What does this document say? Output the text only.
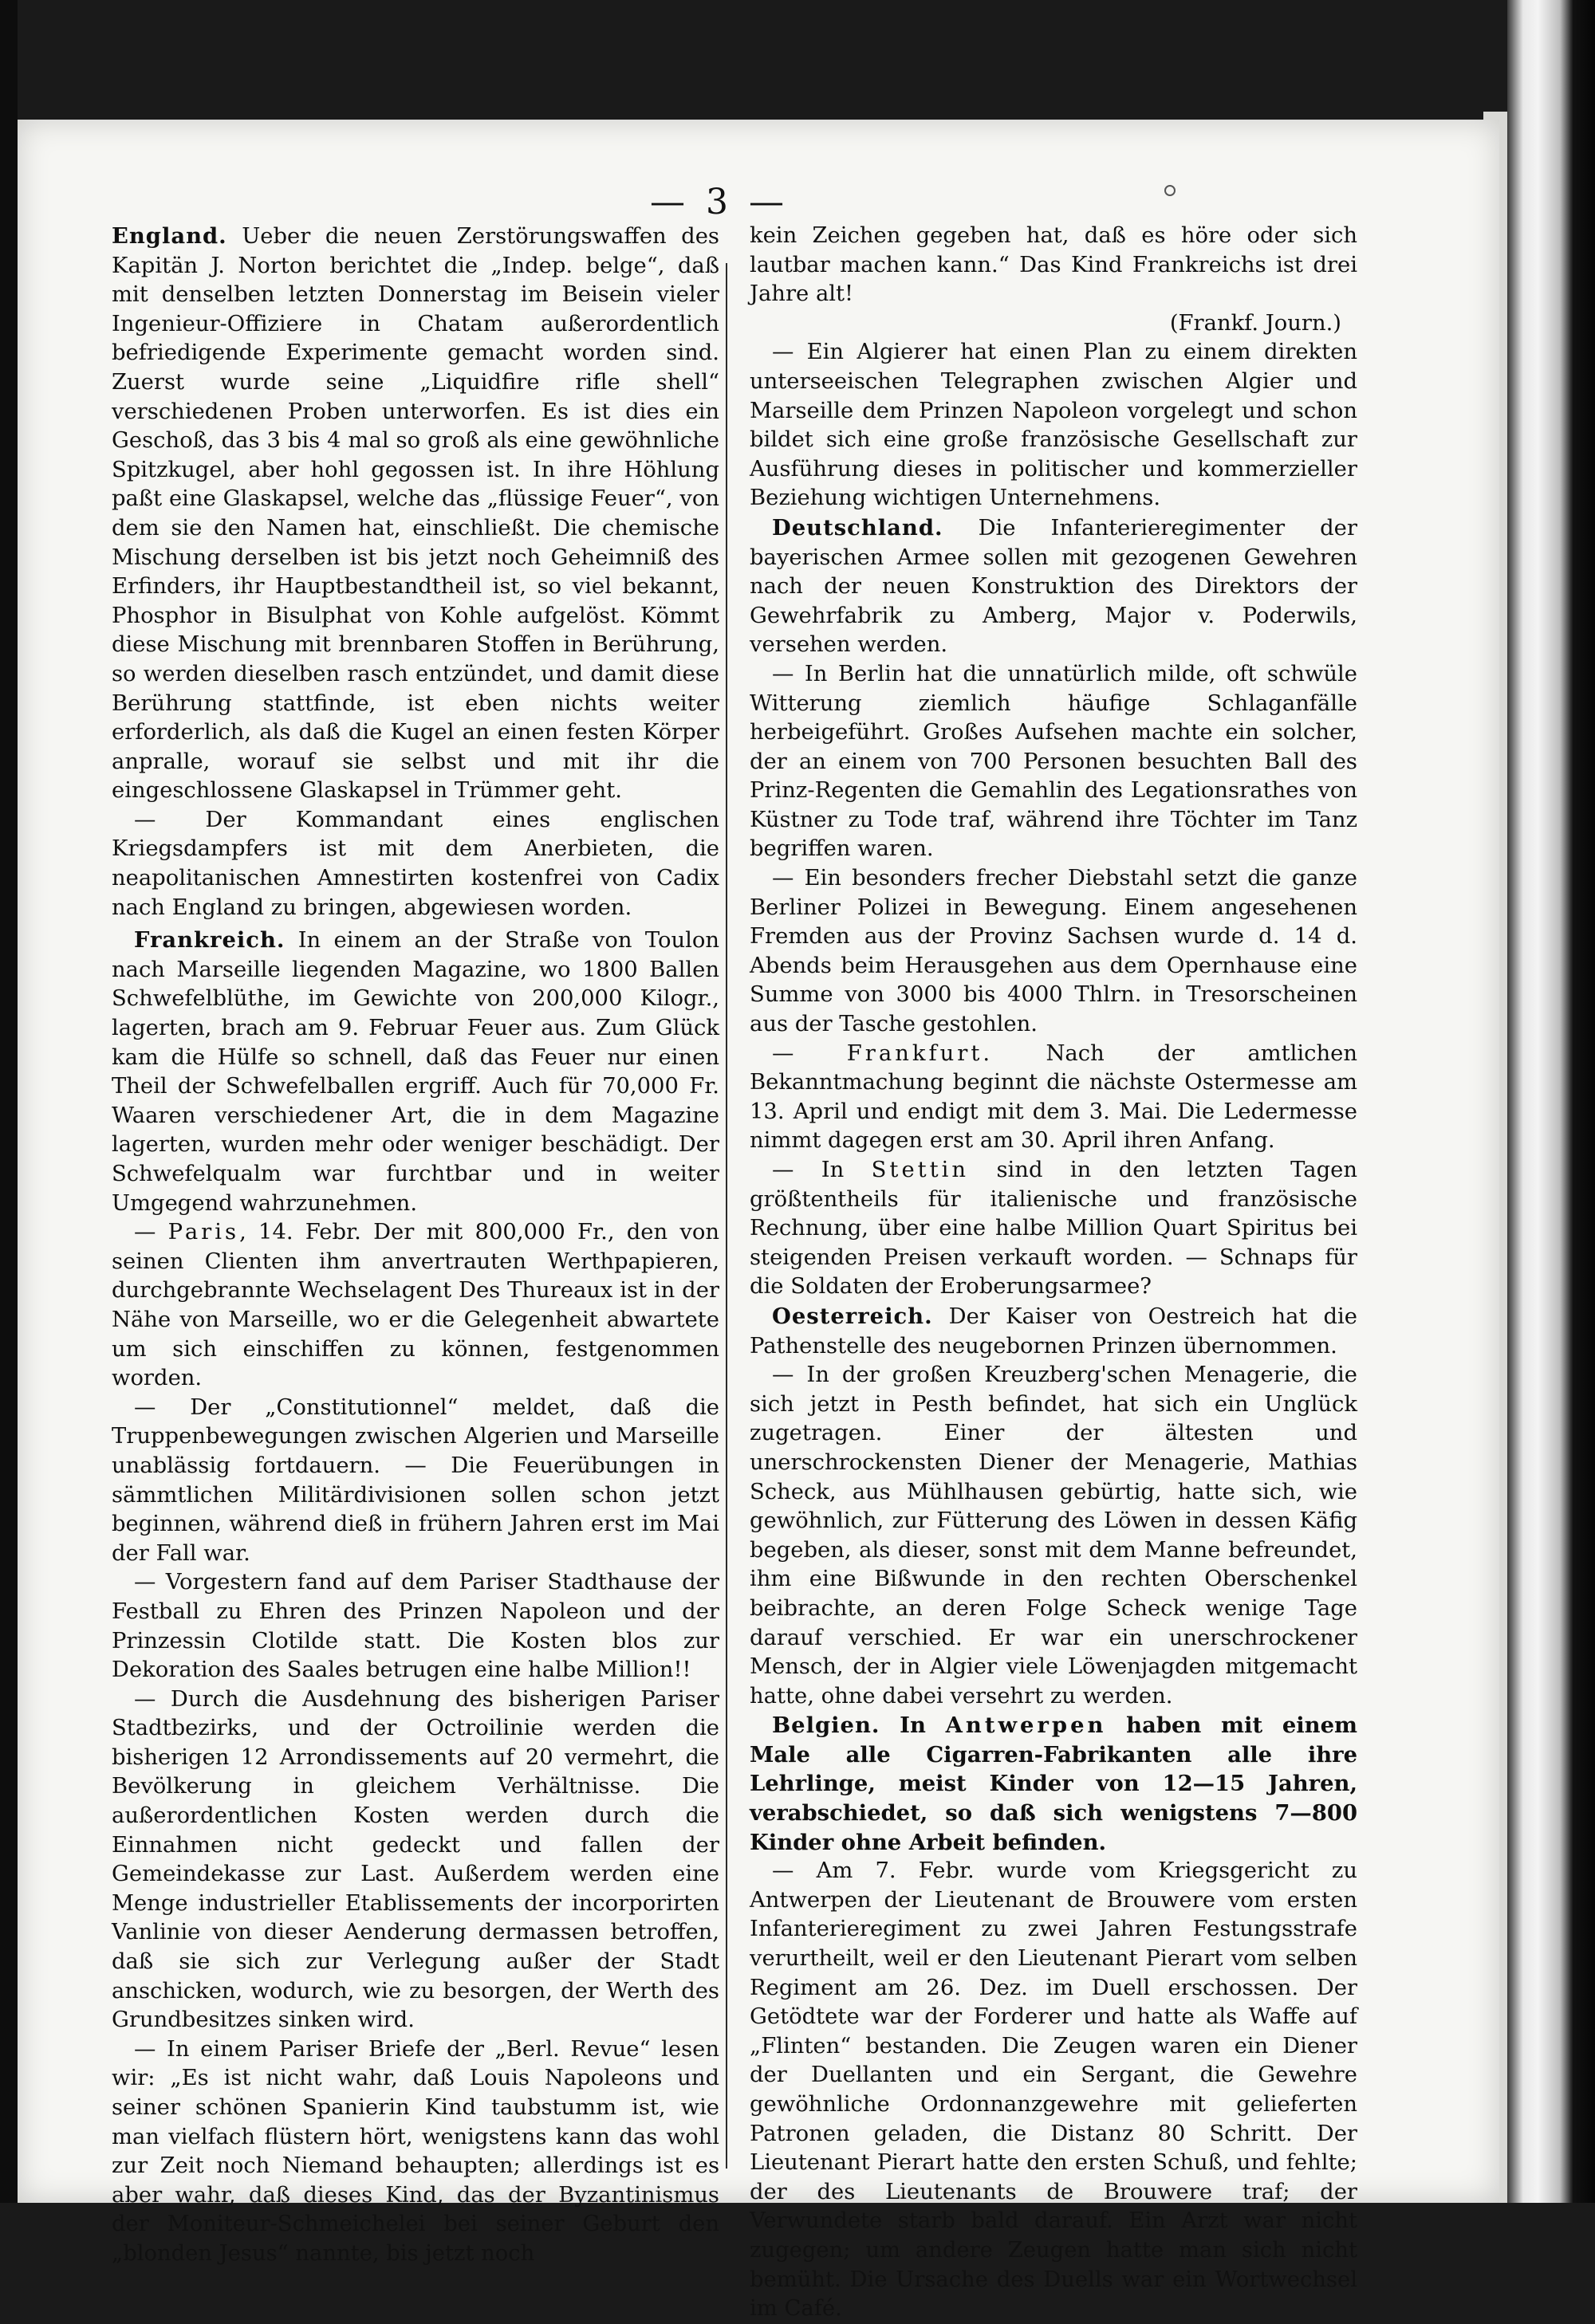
— 3 —

England. Ueber die neuen Zerstörungswaffen des Kapitän J. Norton berichtet die „Indep. belge“, daß mit denselben letzten Donnerstag im Beisein vieler Ingenieur-Offiziere in Chatam außerordentlich befriedigende Experimente gemacht worden sind. Zuerst wurde seine „Liquidfire rifle shell“ verschiedenen Proben unterworfen. Es ist dies ein Geschoß, das 3 bis 4 mal so groß als eine gewöhnliche Spitzkugel, aber hohl gegossen ist. In ihre Höhlung paßt eine Glaskapsel, welche das „flüssige Feuer“, von dem sie den Namen hat, einschließt. Die chemische Mischung derselben ist bis jetzt noch Geheimniß des Erfinders, ihr Hauptbestandtheil ist, so viel bekannt, Phosphor in Bisulphat von Kohle aufgelöst. Kömmt diese Mischung mit brennbaren Stoffen in Berührung, so werden dieselben rasch entzündet, und damit diese Berührung stattfinde, ist eben nichts weiter erforderlich, als daß die Kugel an einen festen Körper anpralle, worauf sie selbst und mit ihr die eingeschlossene Glaskapsel in Trümmer geht.

— Der Kommandant eines englischen Kriegsdampfers ist mit dem Anerbieten, die neapolitanischen Amnestirten kostenfrei von Cadix nach England zu bringen, abgewiesen worden.

Frankreich. In einem an der Straße von Toulon nach Marseille liegenden Magazine, wo 1800 Ballen Schwefelblüthe, im Gewichte von 200,000 Kilogr., lagerten, brach am 9. Februar Feuer aus. Zum Glück kam die Hülfe so schnell, daß das Feuer nur einen Theil der Schwefelballen ergriff. Auch für 70,000 Fr. Waaren verschiedener Art, die in dem Magazine lagerten, wurden mehr oder weniger beschädigt. Der Schwefelqualm war furchtbar und in weiter Umgegend wahrzunehmen.

— Paris, 14. Febr. Der mit 800,000 Fr., den von seinen Clienten ihm anvertrauten Werthpapieren, durchgebrannte Wechselagent Des Thureaux ist in der Nähe von Marseille, wo er die Gelegenheit abwartete um sich einschiffen zu können, festgenommen worden.

— Der „Constitutionnel“ meldet, daß die Truppenbewegungen zwischen Algerien und Marseille unablässig fortdauern. — Die Feuerübungen in sämmtlichen Militärdivisionen sollen schon jetzt beginnen, während dieß in frühern Jahren erst im Mai der Fall war.

— Vorgestern fand auf dem Pariser Stadthause der Festball zu Ehren des Prinzen Napoleon und der Prinzessin Clotilde statt. Die Kosten blos zur Dekoration des Saales betrugen eine halbe Million!!

— Durch die Ausdehnung des bisherigen Pariser Stadtbezirks, und der Octroilinie werden die bisherigen 12 Arrondissements auf 20 vermehrt, die Bevölkerung in gleichem Verhältnisse. Die außerordentlichen Kosten werden durch die Einnahmen nicht gedeckt und fallen der Gemeindekasse zur Last. Außerdem werden eine Menge industrieller Etablissements der incorporirten Vanlinie von dieser Aenderung dermassen betroffen, daß sie sich zur Verlegung außer der Stadt anschicken, wodurch, wie zu besorgen, der Werth des Grundbesitzes sinken wird.

— In einem Pariser Briefe der „Berl. Revue“ lesen wir: „Es ist nicht wahr, daß Louis Napoleons und seiner schönen Spanierin Kind taubstumm ist, wie man vielfach flüstern hört, wenigstens kann das wohl zur Zeit noch Niemand behaupten; allerdings ist es aber wahr, daß dieses Kind, das der Byzantinismus der Moniteur-Schmeichelei bei seiner Geburt den „blonden Jesus“ nannte, bis jetzt noch

kein Zeichen gegeben hat, daß es höre oder sich lautbar machen kann.“ Das Kind Frankreichs ist drei Jahre alt!

(Frankf. Journ.)

— Ein Algierer hat einen Plan zu einem direkten unterseeischen Telegraphen zwischen Algier und Marseille dem Prinzen Napoleon vorgelegt und schon bildet sich eine große französische Gesellschaft zur Ausführung dieses in politischer und kommerzieller Beziehung wichtigen Unternehmens.

Deutschland. Die Infanterieregimenter der bayerischen Armee sollen mit gezogenen Gewehren nach der neuen Konstruktion des Direktors der Gewehrfabrik zu Amberg, Major v. Poderwils, versehen werden.

— In Berlin hat die unnatürlich milde, oft schwüle Witterung ziemlich häufige Schlaganfälle herbeigeführt. Großes Aufsehen machte ein solcher, der an einem von 700 Personen besuchten Ball des Prinz-Regenten die Gemahlin des Legationsrathes von Küstner zu Tode traf, während ihre Töchter im Tanz begriffen waren.

— Ein besonders frecher Diebstahl setzt die ganze Berliner Polizei in Bewegung. Einem angesehenen Fremden aus der Provinz Sachsen wurde d. 14 d. Abends beim Herausgehen aus dem Opernhause eine Summe von 3000 bis 4000 Thlrn. in Tresorscheinen aus der Tasche gestohlen.

— Frankfurt. Nach der amtlichen Bekanntmachung beginnt die nächste Ostermesse am 13. April und endigt mit dem 3. Mai. Die Ledermesse nimmt dagegen erst am 30. April ihren Anfang.

— In Stettin sind in den letzten Tagen größtentheils für italienische und französische Rechnung, über eine halbe Million Quart Spiritus bei steigenden Preisen verkauft worden. — Schnaps für die Soldaten der Eroberungsarmee?

Oesterreich. Der Kaiser von Oestreich hat die Pathenstelle des neugebornen Prinzen übernommen.

— In der großen Kreuzberg'schen Menagerie, die sich jetzt in Pesth befindet, hat sich ein Unglück zugetragen. Einer der ältesten und unerschrockensten Diener der Menagerie, Mathias Scheck, aus Mühlhausen gebürtig, hatte sich, wie gewöhnlich, zur Fütterung des Löwen in dessen Käfig begeben, als dieser, sonst mit dem Manne befreundet, ihm eine Bißwunde in den rechten Oberschenkel beibrachte, an deren Folge Scheck wenige Tage darauf verschied. Er war ein unerschrockener Mensch, der in Algier viele Löwenjagden mitgemacht hatte, ohne dabei versehrt zu werden.

Belgien. In Antwerpen haben mit einem Male alle Cigarren-Fabrikanten alle ihre Lehrlinge, meist Kinder von 12—15 Jahren, verabschiedet, so daß sich wenigstens 7—800 Kinder ohne Arbeit befinden.

— Am 7. Febr. wurde vom Kriegsgericht zu Antwerpen der Lieutenant de Brouwere vom ersten Infanterieregiment zu zwei Jahren Festungsstrafe verurtheilt, weil er den Lieutenant Pierart vom selben Regiment am 26. Dez. im Duell erschossen. Der Getödtete war der Forderer und hatte als Waffe auf „Flinten“ bestanden. Die Zeugen waren ein Diener der Duellanten und ein Sergant, die Gewehre gewöhnliche Ordonnanzgewehre mit gelieferten Patronen geladen, die Distanz 80 Schritt. Der Lieutenant Pierart hatte den ersten Schuß, und fehlte; der des Lieutenants de Brouwere traf; der Verwundete starb bald darauf. Ein Arzt war nicht zugegen; um andere Zeugen hatte man sich nicht bemüht. Die Ursache des Duells war ein Wortwechsel im Café.
